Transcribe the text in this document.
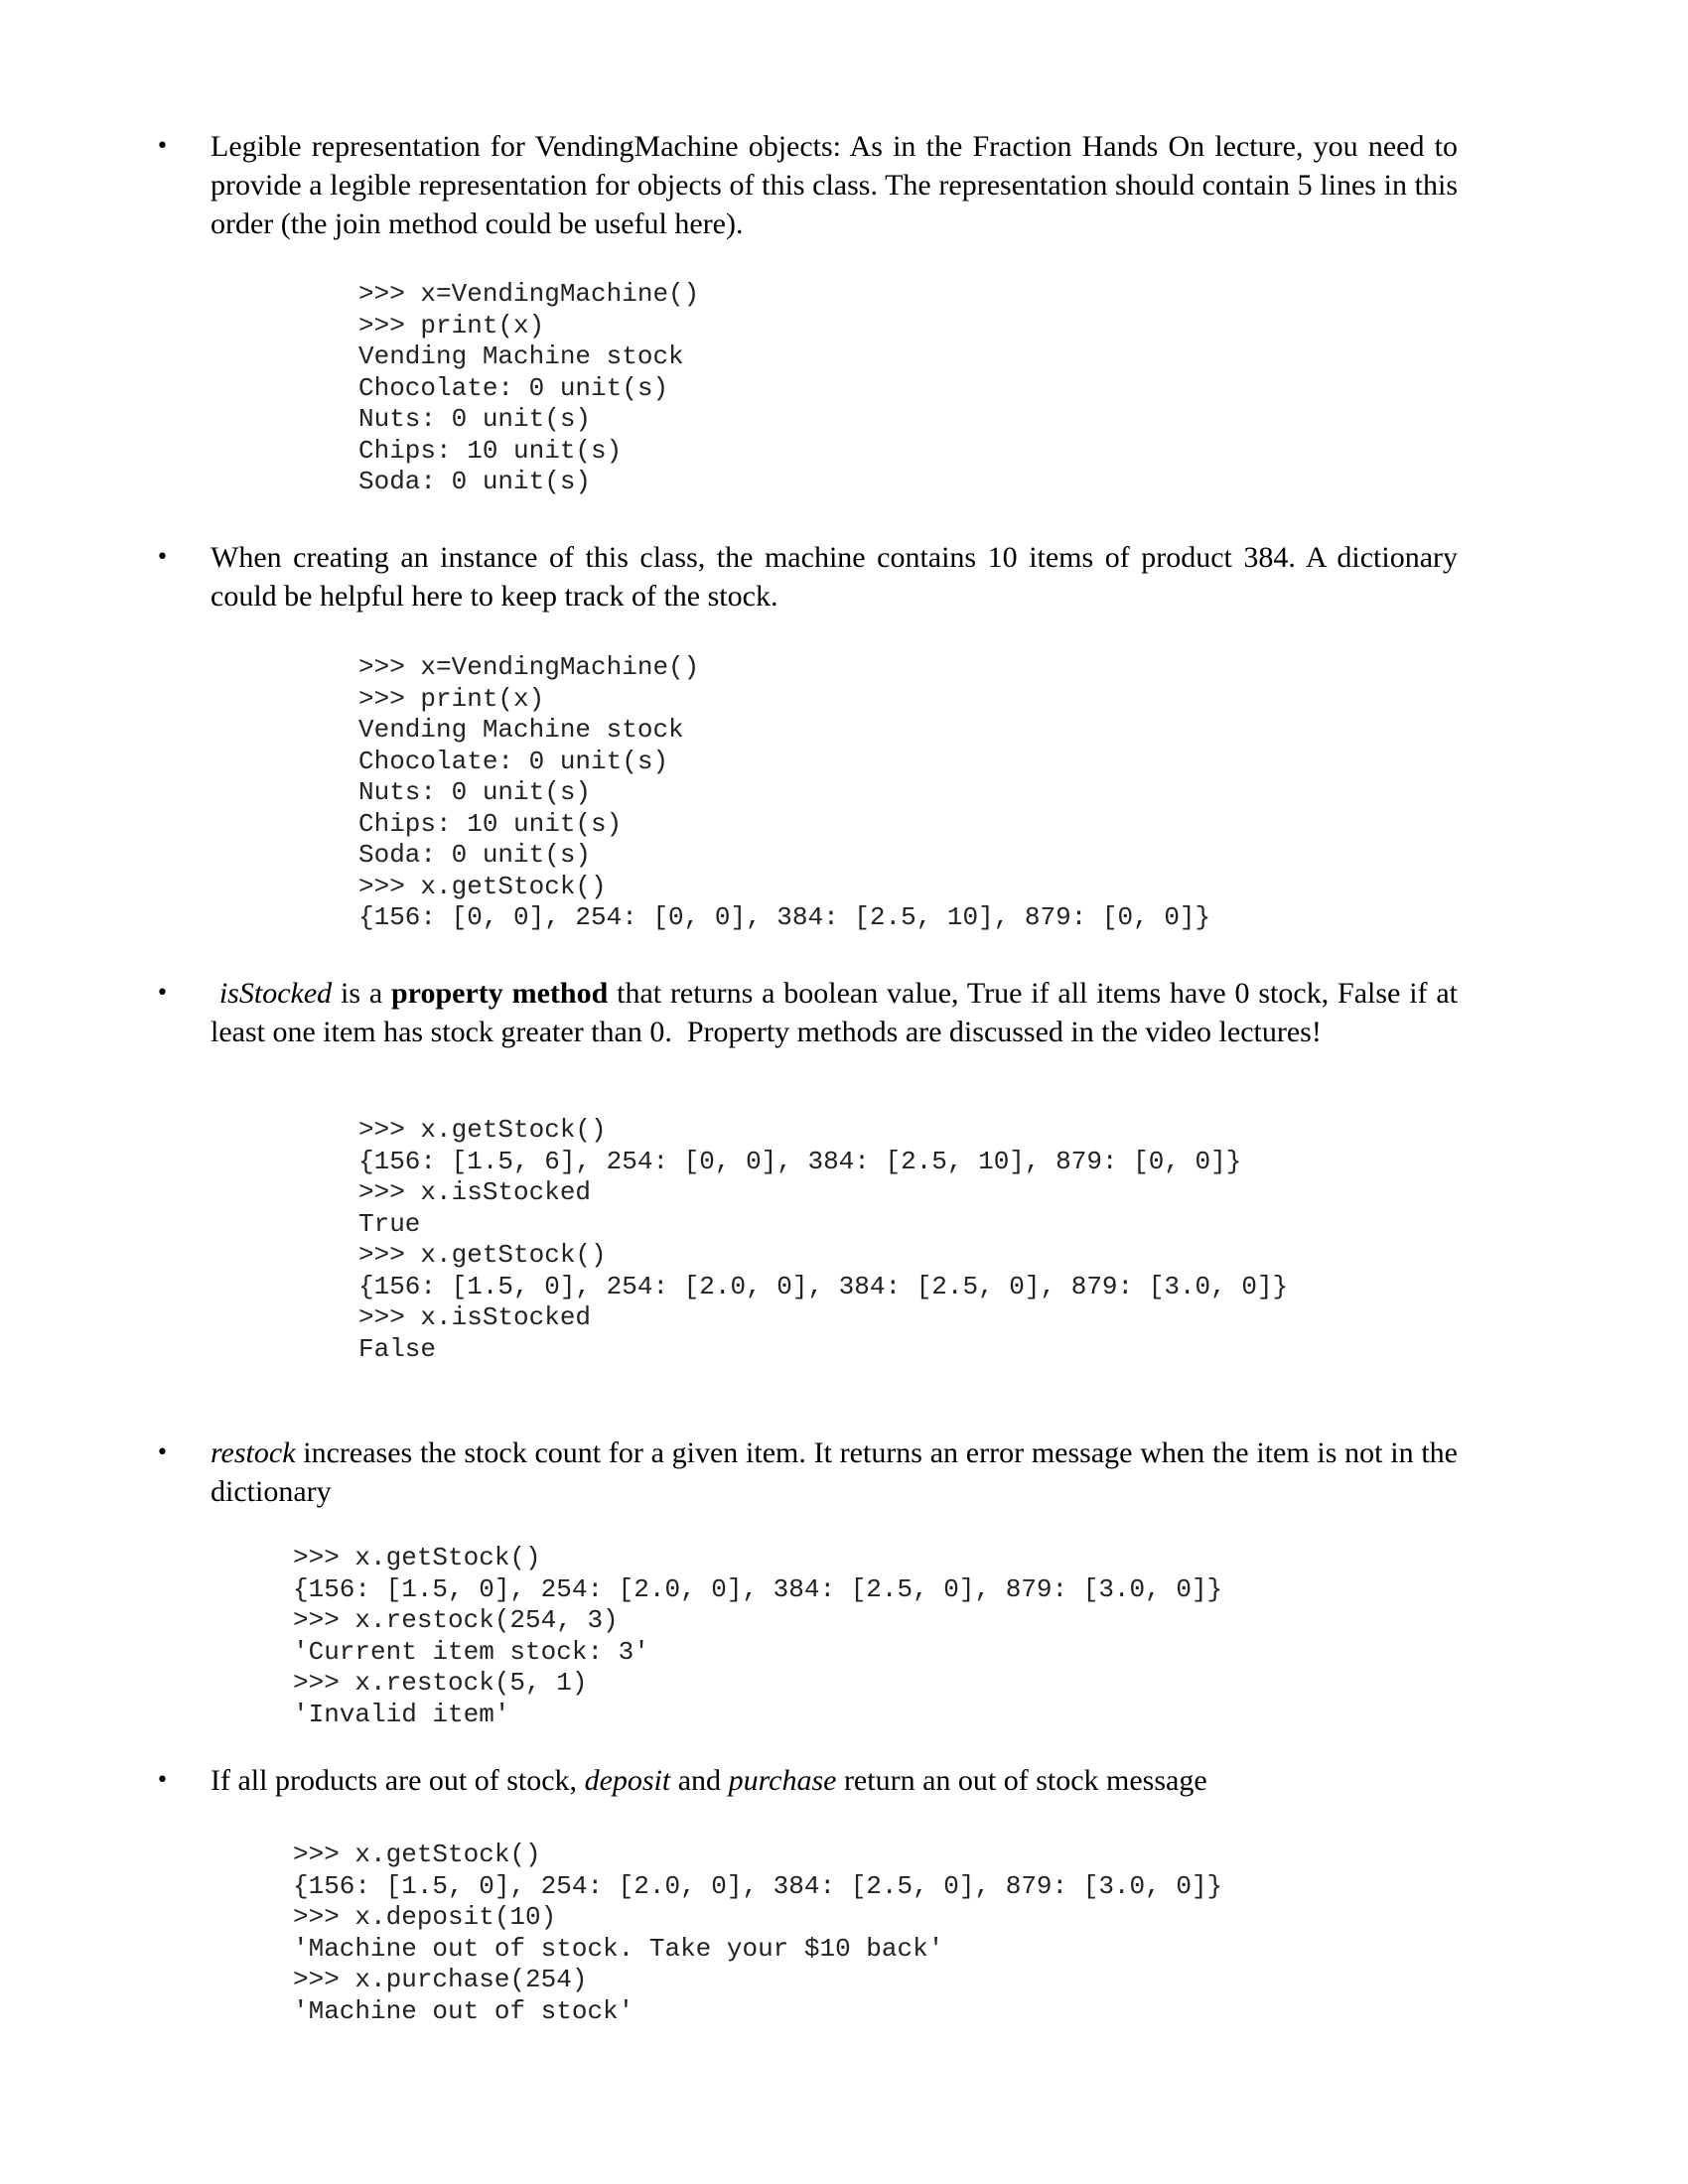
• Legible representation for VendingMachine objects: As in the Fraction Hands On lecture, you need to provide a legible representation for objects of this class. The representation should contain 5 lines in this order (the join method could be useful here).
>>> x=VendingMachine()
>>> print(x)
Vending Machine stock
Chocolate: 0 unit(s)
Nuts: 0 unit(s)
Chips: 10 unit(s)
Soda: 0 unit(s)
• When creating an instance of this class, the machine contains 10 items of product 384. A dictionary could be helpful here to keep track of the stock.
>>> x=VendingMachine()
>>> print(x)
Vending Machine stock
Chocolate: 0 unit(s)
Nuts: 0 unit(s)
Chips: 10 unit(s)
Soda: 0 unit(s)
>>> x.getStock()
{156: [0, 0], 254: [0, 0], 384: [2.5, 10], 879: [0, 0]}
• isStocked is a property method that returns a boolean value, True if all items have 0 stock, False if at least one item has stock greater than 0.  Property methods are discussed in the video lectures!
>>> x.getStock()
{156: [1.5, 6], 254: [0, 0], 384: [2.5, 10], 879: [0, 0]}
>>> x.isStocked
True
>>> x.getStock()
{156: [1.5, 0], 254: [2.0, 0], 384: [2.5, 0], 879: [3.0, 0]}
>>> x.isStocked
False
• restock increases the stock count for a given item. It returns an error message when the item is not in the dictionary
>>> x.getStock()
{156: [1.5, 0], 254: [2.0, 0], 384: [2.5, 0], 879: [3.0, 0]}
>>> x.restock(254, 3)
'Current item stock: 3'
>>> x.restock(5, 1)
'Invalid item'
• If all products are out of stock, deposit and purchase return an out of stock message
>>> x.getStock()
{156: [1.5, 0], 254: [2.0, 0], 384: [2.5, 0], 879: [3.0, 0]}
>>> x.deposit(10)
'Machine out of stock. Take your $10 back'
>>> x.purchase(254)
'Machine out of stock'
